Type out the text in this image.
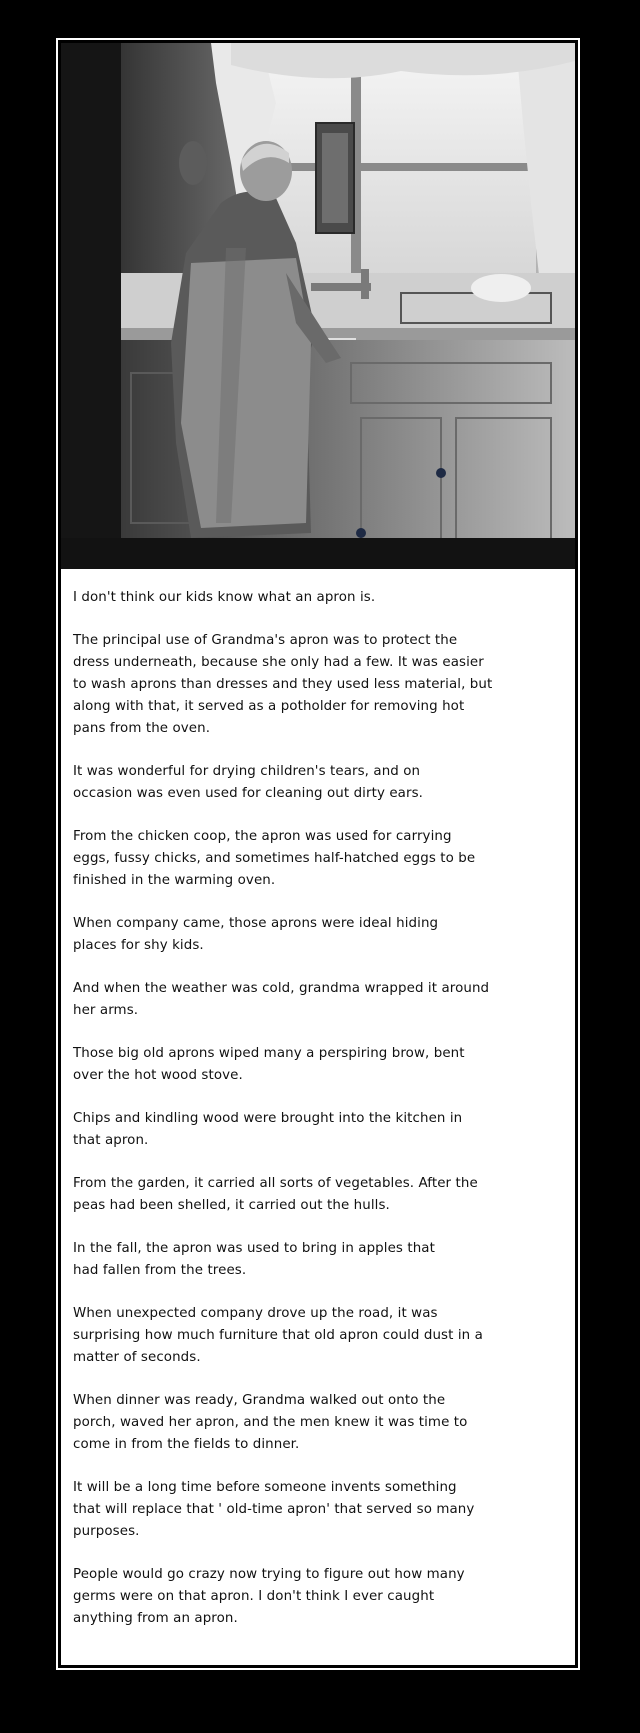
I don't think our kids know what an apron is.

The principal use of Grandma's apron was to protect the
dress underneath, because she only had a few. It was easier
to wash aprons than dresses and they used less material, but
along with that, it served as a potholder for removing hot
pans from the oven.

It was wonderful for drying children's tears, and on
occasion was even used for cleaning out dirty ears.

From the chicken coop, the apron was used for carrying
eggs, fussy chicks, and sometimes half-hatched eggs to be
finished in the warming oven.

When company came, those aprons were ideal hiding
places for shy kids.

And when the weather was cold, grandma wrapped it around
her arms.

Those big old aprons wiped many a perspiring brow, bent
over the hot wood stove.

Chips and kindling wood were brought into the kitchen in
that apron.

From the garden, it carried all sorts of vegetables. After the
peas had been shelled, it carried out the hulls.

In the fall, the apron was used to bring in apples that
had fallen from the trees.

When unexpected company drove up the road, it was
surprising how much furniture that old apron could dust in a
matter of seconds.

When dinner was ready, Grandma walked out onto the
porch, waved her apron, and the men knew it was time to
come in from the fields to dinner.

It will be a long time before someone invents something
that will replace that ' old-time apron' that served so many
purposes.

People would go crazy now trying to figure out how many
germs were on that apron. I don't think I ever caught
anything from an apron.
